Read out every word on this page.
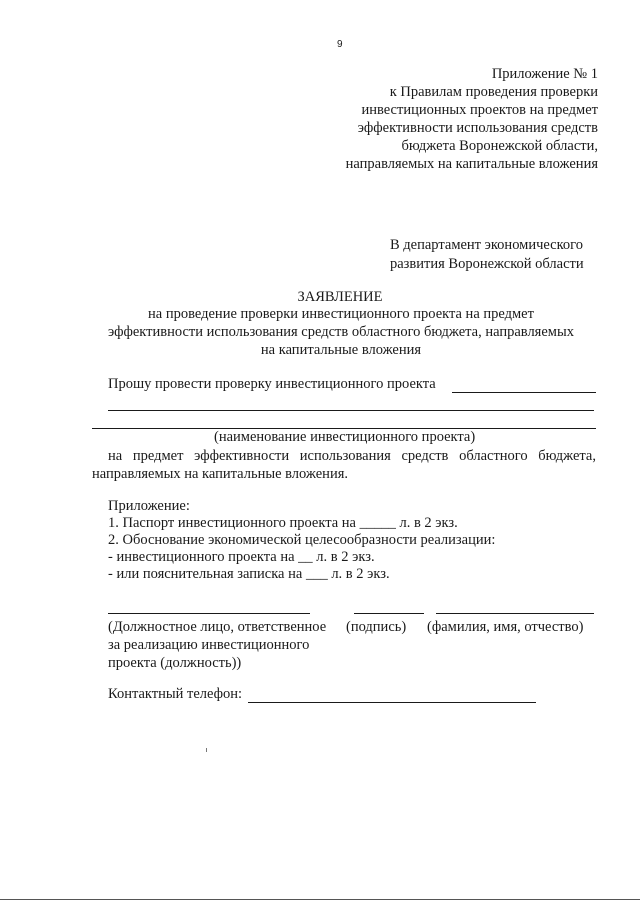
9
Приложение № 1
к Правилам проведения проверки
инвестиционных проектов на предмет
эффективности использования средств
бюджета Воронежской области,
направляемых на капитальные вложения
В департамент экономического
развития Воронежской области
ЗАЯВЛЕНИЕ
на проведение проверки инвестиционного проекта на предмет
эффективности использования средств областного бюджета, направляемых
на капитальные вложения
Прошу провести проверку инвестиционного проекта
(наименование инвестиционного проекта)
на предмет эффективности использования средств областного бюджета,
направляемых на капитальные вложения.
Приложение:
1. Паспорт инвестиционного проекта на _____ л. в 2 экз.
2. Обоснование экономической целесообразности реализации:
- инвестиционного проекта на __ л. в 2 экз.
- или пояснительная записка на ___ л. в 2 экз.
(Должностное лицо, ответственное
за реализацию инвестиционного
проекта (должность))
(подпись) (фамилия, имя, отчество)
Контактный телефон:
